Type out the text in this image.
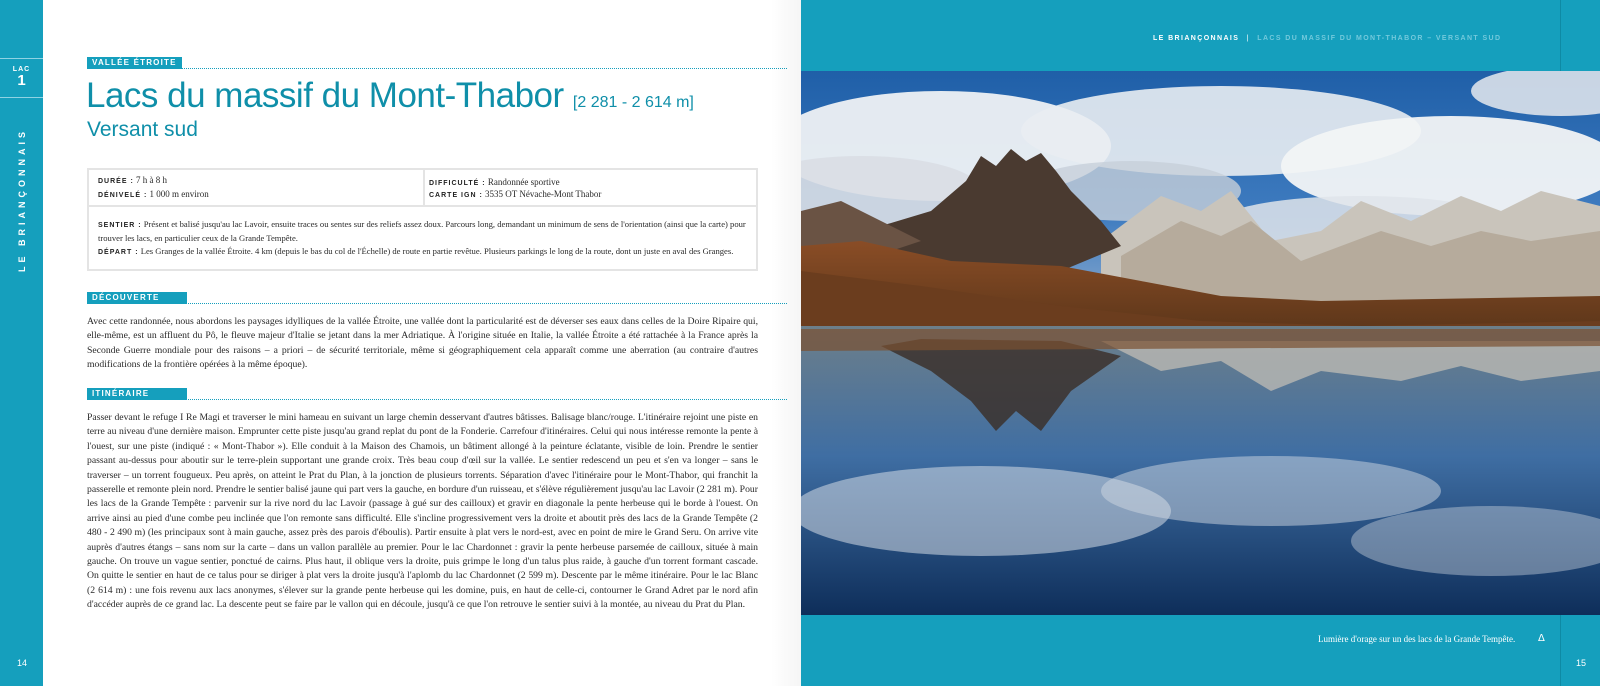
LAC
1
LE BRIANÇONNAIS
14
VALLÉE ÉTROITE
Lacs du massif du Mont-Thabor [2 281 - 2 614 m]
Versant sud
DURÉE : 7 h à 8 h
DÉNIVELÉ : 1 000 m environ
DIFFICULTÉ : Randonnée sportive
CARTE IGN : 3535 OT Névache-Mont Thabor
SENTIER : Présent et balisé jusqu'au lac Lavoir, ensuite traces ou sentes sur des reliefs assez doux. Parcours long, demandant un minimum de sens de l'orientation (ainsi que la carte) pour trouver les lacs, en particulier ceux de la Grande Tempête.
DÉPART : Les Granges de la vallée Étroite. 4 km (depuis le bas du col de l'Échelle) de route en partie revêtue. Plusieurs parkings le long de la route, dont un juste en aval des Granges.
DÉCOUVERTE

Avec cette randonnée, nous abordons les paysages idylliques de la vallée Étroite, une vallée dont la particularité est de déverser ses eaux dans celles de la Doire Ripaire qui, elle-même, est un affluent du Pô, le fleuve majeur d'Italie se jetant dans la mer Adriatique. À l'origine située en Italie, la vallée Étroite a été rattachée à la France après la Seconde Guerre mondiale pour des raisons – a priori – de sécurité territoriale, même si géographiquement cela apparaît comme une aberration (au contraire d'autres modifications de la frontière opérées à la même époque).

ITINÉRAIRE

Passer devant le refuge I Re Magi et traverser le mini hameau en suivant un large chemin desservant d'autres bâtisses. Balisage blanc/rouge. L'itinéraire rejoint une piste en terre au niveau d'une dernière maison. Emprunter cette piste jusqu'au grand replat du pont de la Fonderie. Carrefour d'itinéraires. Celui qui nous intéresse remonte la pente à l'ouest, sur une piste (indiqué : « Mont-Thabor »). Elle conduit à la Maison des Chamois, un bâtiment allongé à la peinture éclatante, visible de loin. Prendre le sentier passant au-dessus pour aboutir sur le terre-plein supportant une grande croix. Très beau coup d'œil sur la vallée. Le sentier redescend un peu et s'en va longer – sans le traverser – un torrent fougueux. Peu après, on atteint le Prat du Plan, à la jonction de plusieurs torrents. Séparation d'avec l'itinéraire pour le Mont-Thabor, qui franchit la passerelle et remonte plein nord. Prendre le sentier balisé jaune qui part vers la gauche, en bordure d'un ruisseau, et s'élève régulièrement jusqu'au lac Lavoir (2 281 m). Pour les lacs de la Grande Tempête : parvenir sur la rive nord du lac Lavoir (passage à gué sur des cailloux) et gravir en diagonale la pente herbeuse qui le borde à l'ouest. On arrive ainsi au pied d'une combe peu inclinée que l'on remonte sans difficulté. Elle s'incline progressivement vers la droite et aboutit près des lacs de la Grande Tempête (2 480 - 2 490 m) (les principaux sont à main gauche, assez près des parois d'éboulis). Partir ensuite à plat vers le nord-est, avec en point de mire le Grand Seru. On arrive vite auprès d'autres étangs – sans nom sur la carte – dans un vallon parallèle au premier. Pour le lac Chardonnet : gravir la pente herbeuse parsemée de cailloux, située à main gauche. On trouve un vague sentier, ponctué de cairns. Plus haut, il oblique vers la droite, puis grimpe le long d'un talus plus raide, à gauche d'un torrent formant cascade. On quitte le sentier en haut de ce talus pour se diriger à plat vers la droite jusqu'à l'aplomb du lac Chardonnet (2 599 m). Descente par le même itinéraire. Pour le lac Blanc (2 614 m) : une fois revenu aux lacs anonymes, s'élever sur la grande pente herbeuse qui les domine, puis, en haut de celle-ci, contourner le Grand Adret par le nord afin d'accéder auprès de ce grand lac. La descente peut se faire par le vallon qui en découle, jusqu'à ce que l'on retrouve le sentier suivi à la montée, au niveau du Prat du Plan.

LE BRIANÇONNAIS | LACS DU MASSIF DU MONT-THABOR – VERSANT SUD
Lumière d'orage sur un des lacs de la Grande Tempête. Δ
15
